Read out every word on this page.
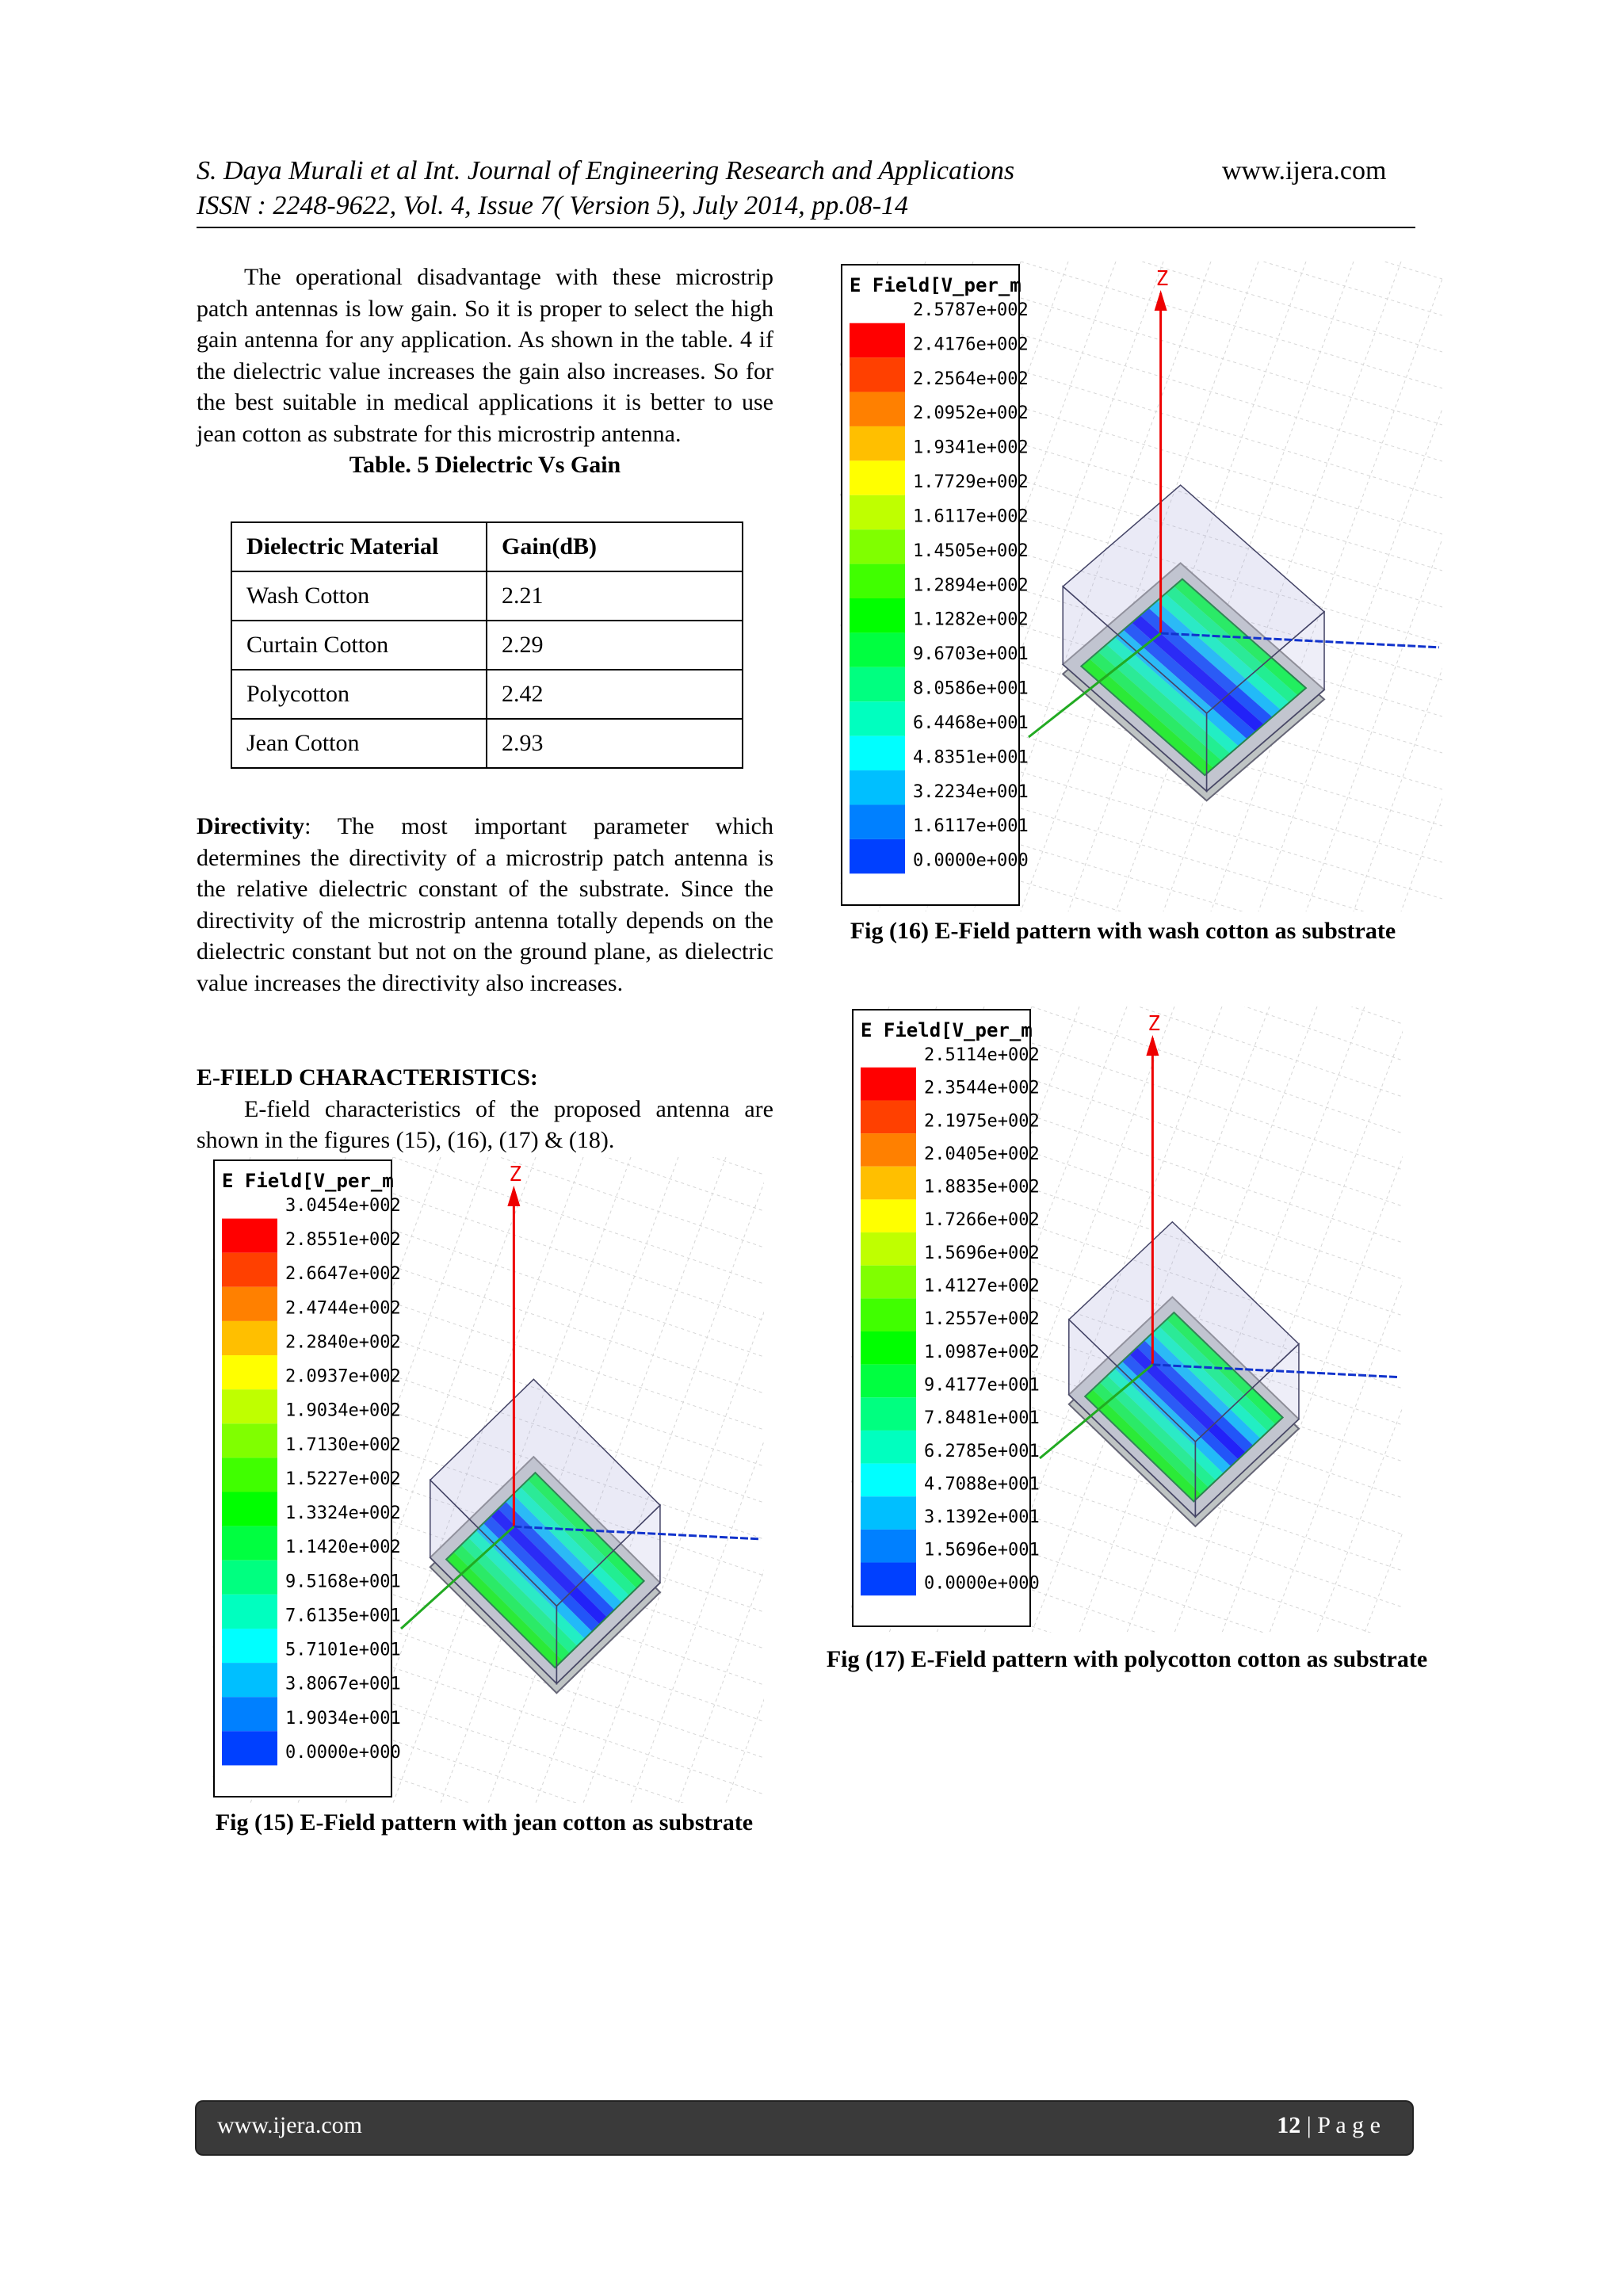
S. Daya Murali et al Int. Journal of Engineering Research and Applications
ISSN : 2248-9622, Vol. 4, Issue 7( Version 5), July 2014, pp.08-14
www.ijera.com

The operational disadvantage with these microstrip patch antennas is low gain. So it is proper to select the high gain antenna for any application. As shown in the table. 4 if the dielectric value increases the gain also increases. So for the best suitable in medical applications it is better to use jean cotton as substrate for this microstrip antenna.

Table. 5 Dielectric Vs Gain

Dielectric Material	Gain(dB)
Wash Cotton	2.21
Curtain Cotton	2.29
Polycotton	2.42
Jean Cotton	2.93

Directivity: The most important parameter which determines the directivity of a microstrip patch antenna is the relative dielectric constant of the substrate. Since the directivity of the microstrip antenna totally depends on the dielectric constant but not on the ground plane, as dielectric value increases the directivity also increases.

E-FIELD CHARACTERISTICS:

E-field characteristics of the proposed antenna are shown in the figures (15), (16), (17) & (18).

E Field[V_per_m
3.0454e+002
2.8551e+002
2.6647e+002
2.4744e+002
2.2840e+002
2.0937e+002
1.9034e+002
1.7130e+002
1.5227e+002
1.3324e+002
1.1420e+002
9.5168e+001
7.6135e+001
5.7101e+001
3.8067e+001
1.9034e+001
0.0000e+000
Z
Fig (15) E-Field pattern with jean cotton as substrate
E Field[V_per_m
2.5787e+002
2.4176e+002
2.2564e+002
2.0952e+002
1.9341e+002
1.7729e+002
1.6117e+002
1.4505e+002
1.2894e+002
1.1282e+002
9.6703e+001
8.0586e+001
6.4468e+001
4.8351e+001
3.2234e+001
1.6117e+001
0.0000e+000
Z
Fig (16) E-Field pattern with wash cotton as substrate
E Field[V_per_m
2.5114e+002
2.3544e+002
2.1975e+002
2.0405e+002
1.8835e+002
1.7266e+002
1.5696e+002
1.4127e+002
1.2557e+002
1.0987e+002
9.4177e+001
7.8481e+001
6.2785e+001
4.7088e+001
3.1392e+001
1.5696e+001
0.0000e+000
Z
Fig (17) E-Field pattern with polycotton cotton as substrate
www.ijera.com	12 | P a g e
